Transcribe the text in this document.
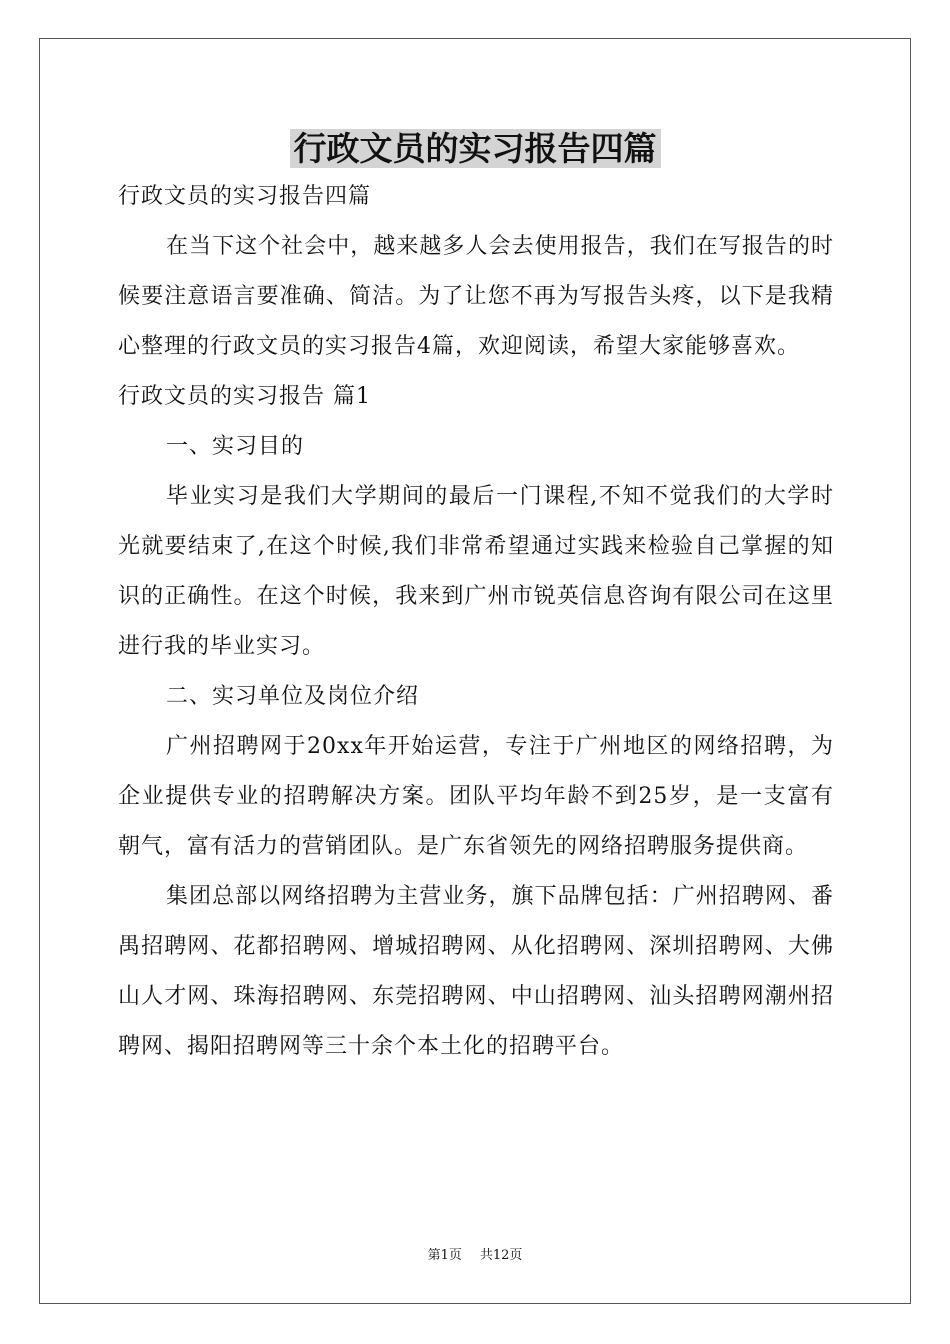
行政文员的实习报告四篇

行政文员的实习报告四篇

在当下这个社会中，越来越多人会去使用报告，我们在写报告的时候要注意语言要准确、简洁。为了让您不再为写报告头疼，以下是我精心整理的行政文员的实习报告4篇，欢迎阅读，希望大家能够喜欢。

行政文员的实习报告 篇1

一、实习目的

毕业实习是我们大学期间的最后一门课程,不知不觉我们的大学时光就要结束了,在这个时候,我们非常希望通过实践来检验自己掌握的知识的正确性。在这个时候，我来到广州市锐英信息咨询有限公司在这里进行我的毕业实习。

二、实习单位及岗位介绍

广州招聘网于20xx年开始运营，专注于广州地区的网络招聘，为企业提供专业的招聘解决方案。团队平均年龄不到25岁，是一支富有朝气，富有活力的营销团队。是广东省领先的网络招聘服务提供商。

集团总部以网络招聘为主营业务，旗下品牌包括：广州招聘网、番禺招聘网、花都招聘网、增城招聘网、从化招聘网、深圳招聘网、大佛山人才网、珠海招聘网、东莞招聘网、中山招聘网、汕头招聘网潮州招聘网、揭阳招聘网等三十余个本土化的招聘平台。

第1页 共12页
